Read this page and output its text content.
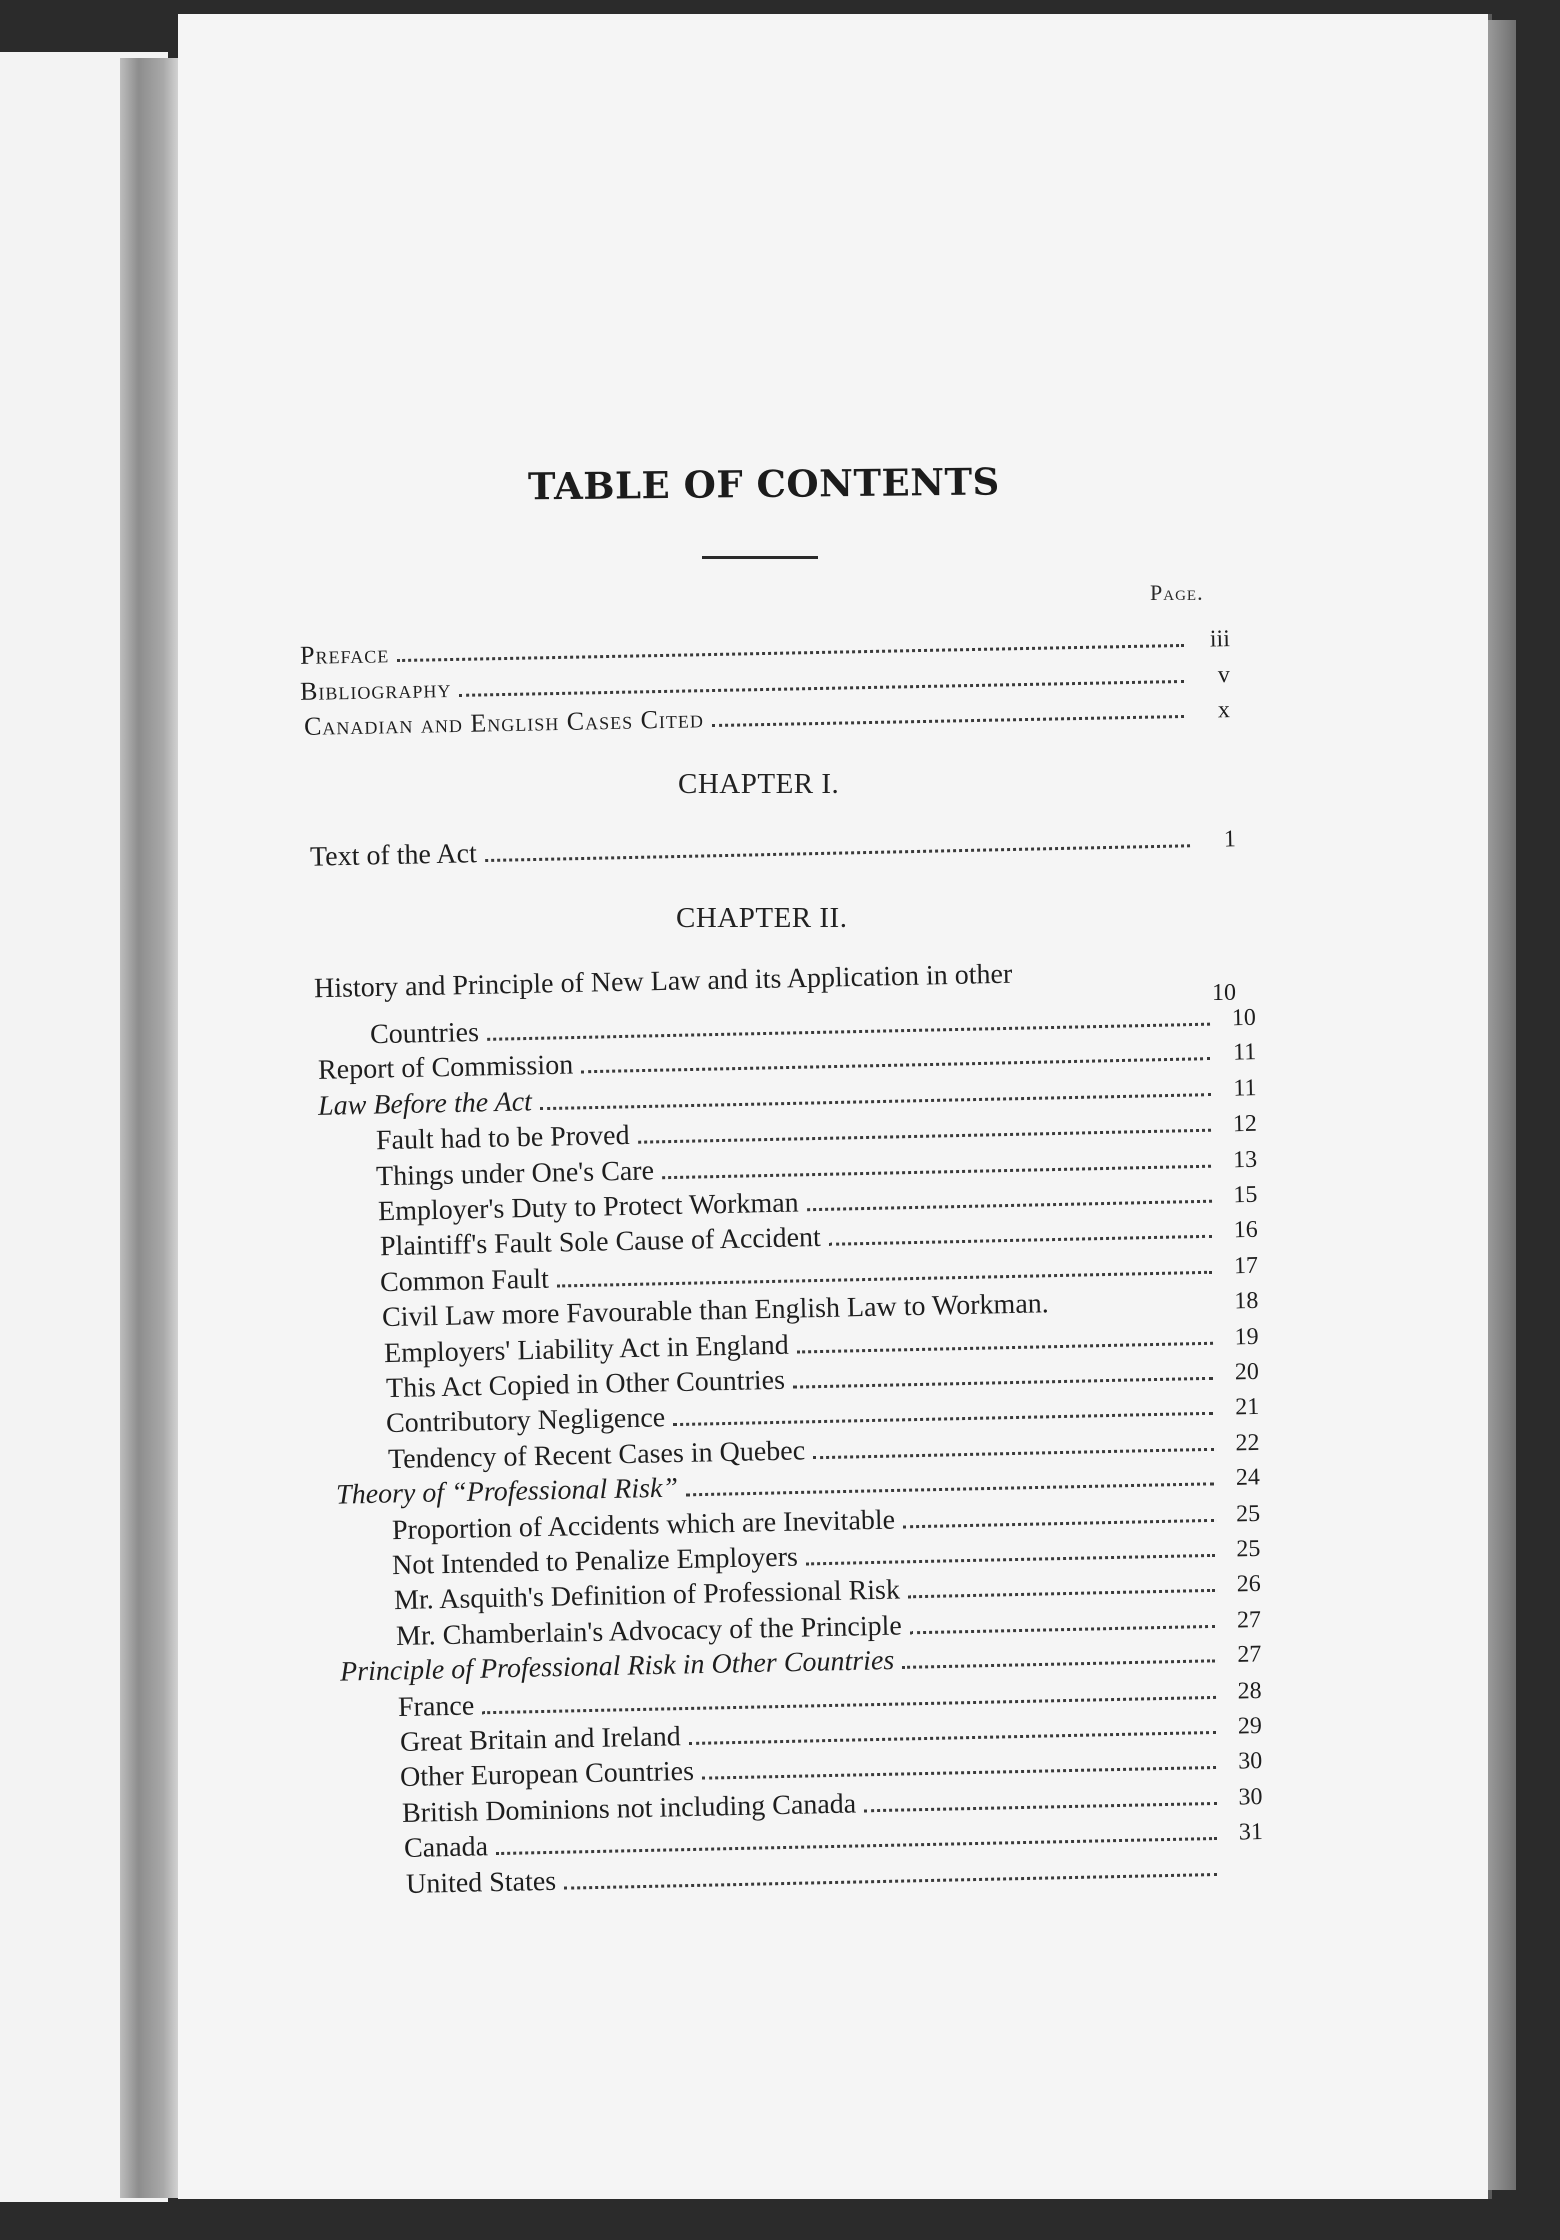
TABLE OF CONTENTS
Page.
Preface	iii
Bibliography	v
Canadian and English Cases Cited	x
CHAPTER I.
Text of the Act	1
CHAPTER II.
History and Principle of New Law and its Application in other	10
Countries	10
Report of Commission	11
Law Before the Act	11
Fault had to be Proved	12
Things under One's Care	13
Employer's Duty to Protect Workman	15
Plaintiff's Fault Sole Cause of Accident	16
Common Fault	17
Civil Law more Favourable than English Law to Workman.	18
Employers' Liability Act in England	19
This Act Copied in Other Countries	20
Contributory Negligence	21
Tendency of Recent Cases in Quebec	22
Theory of “Professional Risk”	24
Proportion of Accidents which are Inevitable	25
Not Intended to Penalize Employers	25
Mr. Asquith's Definition of Professional Risk	26
Mr. Chamberlain's Advocacy of the Principle	27
Principle of Professional Risk in Other Countries	27
France	28
Great Britain and Ireland	29
Other European Countries	30
British Dominions not including Canada	30
Canada	31
United States
